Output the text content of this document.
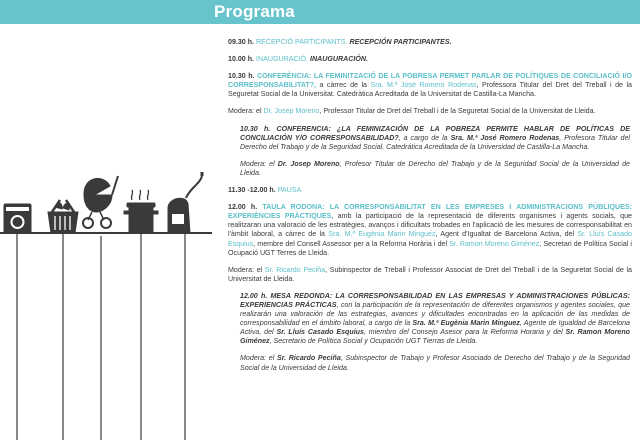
Programa

09.30 h. RECEPCIÓ PARTICIPANTS. RECEPCIÓN PARTICIPANTES.

10.00 h. INAUGURACIÓ. INAUGURACIÓN.

10.30 h. CONFERÈNCIA: LA FEMINITZACIÓ DE LA POBRESA PERMET PARLAR DE POLÍTIQUES DE CONCILIACIÓ I/O CORRESPONSABILITAT?, a càrrec de la Sra. M.ª José Romero Rodenas, Professora Titular del Dret del Treball i de la Seguretat Social de la Universitat. Catedràtica Acreditada de la Universitat de Castilla-La Mancha.

Modera: el Dr. Josep Moreno, Professor Titular de Dret del Treball i de la Seguretat Social de la Universitat de Lleida.

10.30 h. CONFERENCIA: ¿LA FEMINIZACIÓN DE LA POBREZA PERMITE HABLAR DE POLÍTICAS DE CONCILIACIÓN Y/O CORRESPONSABILIDAD?, a cargo de la Sra. M.ª José Romero Rodenas, Profesora Titular del Derecho del Trabajo y de la Seguridad Social. Catedrática Acreditada de la Universidad de Castilla-La Mancha.

Modera: el Dr. Josep Moreno, Profesor Titular de Derecho del Trabajo y de la Seguridad Social de la Universidad de Lleida.

11.30 -12.00 h. PAUSA

12.00 h. TAULA RODONA: LA CORRESPONSABILITAT EN LES EMPRESES I ADMINISTRACIONS PÚBLIQUES: EXPERIÈNCIES PRÀCTIQUES, amb la participació de la representació de diferents organismes i agents socials, que realitzaran una valoració de les estratègies, avanços i dificultats trobades en l'aplicació de les mesures de corresponsabilitat en l'àmbit laboral, a càrrec de la Sra. M.ª Eugènia Marin Minguez, Agent d'Igualtat de Barcelona Activa, del Sr. Lluís Casado Esquius, membre del Consell Assessor per a la Reforma Horària i del Sr. Ramon Moreno Giménez, Secretari de Política Social i Ocupació UGT Terres de Lleida.

Modera: el Sr. Ricardo Peciña, Subinspector de Treball i Professor Associat de Dret del Treball i de la Seguretat Social de la Universitat de Lleida.

12.00 h. MESA REDONDA: LA CORRESPONSABILIDAD EN LAS EMPRESAS Y ADMINISTRACIONES PÚBLICAS: EXPERIENCIAS PRÁCTICAS, con la participación de la representación de diferentes organismos y agentes sociales, que realizarán una valoración de las estrategias, avances y dificultades encontradas en la aplicación de las medidas de corresponsabilidad en el ámbito laboral, a cargo de la Sra. M.ª Eugènia Marin Minguez, Agente de Igualdad de Barcelona Activa, del Sr. Lluís Casado Esquius, miembro del Consejo Asesor para la Reforma Horaria y del Sr. Ramon Moreno Giménez, Secretario de Política Social y Ocupación UGT Tierras de Lleida.

Modera: el Sr. Ricardo Peciña, Subinspector de Trabajo y Profesor Asociado de Derecho del Trabajo y de la Seguridad Social de la Universidad de Lleida.
